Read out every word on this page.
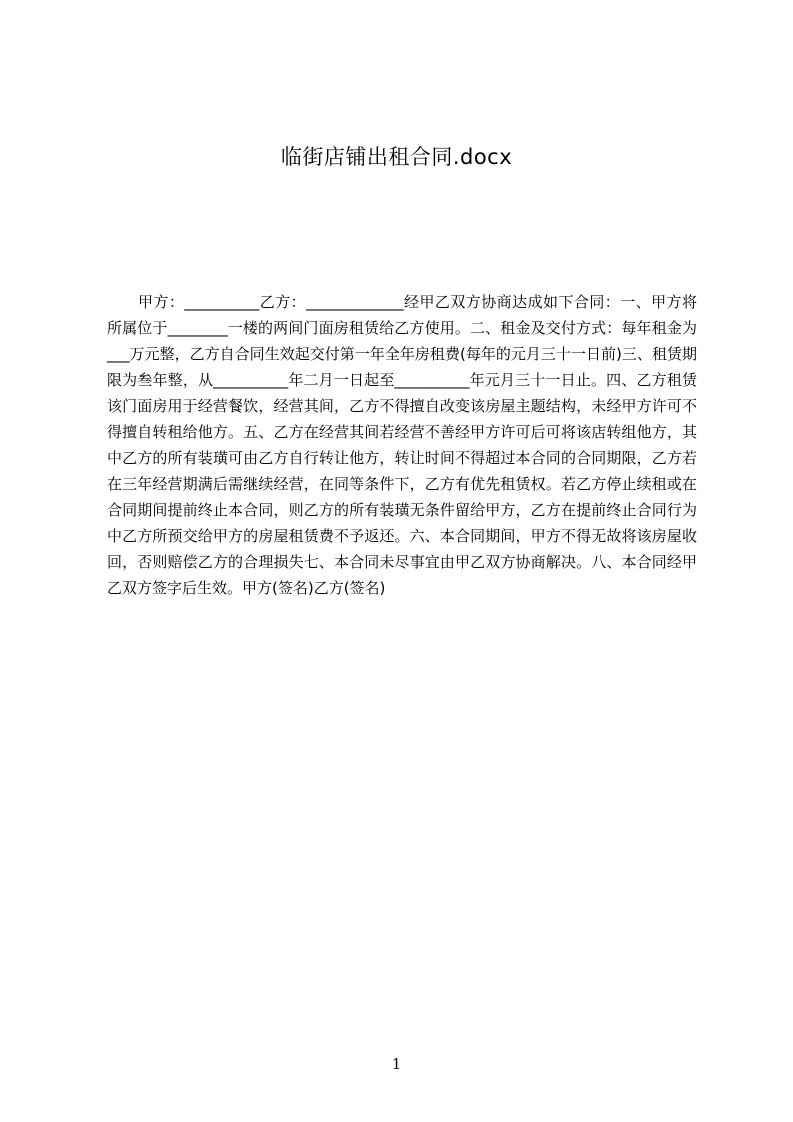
临街店铺出租合同.docx

甲方：__________乙方：_____________经甲乙双方协商达成如下合同：一、甲方将所属位于________一楼的两间门面房租赁给乙方使用。二、租金及交付方式：每年租金为___万元整，乙方自合同生效起交付第一年全年房租费(每年的元月三十一日前)三、租赁期限为叁年整，从__________年二月一日起至__________年元月三十一日止。四、乙方租赁该门面房用于经营餐饮，经营其间，乙方不得擅自改变该房屋主题结构，未经甲方许可不得擅自转租给他方。五、乙方在经营其间若经营不善经甲方许可后可将该店转组他方，其中乙方的所有装璜可由乙方自行转让他方，转让时间不得超过本合同的合同期限，乙方若在三年经营期满后需继续经营，在同等条件下，乙方有优先租赁权。若乙方停止续租或在合同期间提前终止本合同，则乙方的所有装璜无条件留给甲方，乙方在提前终止合同行为中乙方所预交给甲方的房屋租赁费不予返还。六、本合同期间，甲方不得无故将该房屋收回，否则赔偿乙方的合理损失七、本合同未尽事宜由甲乙双方协商解决。八、本合同经甲乙双方签字后生效。甲方(签名)乙方(签名)

1
